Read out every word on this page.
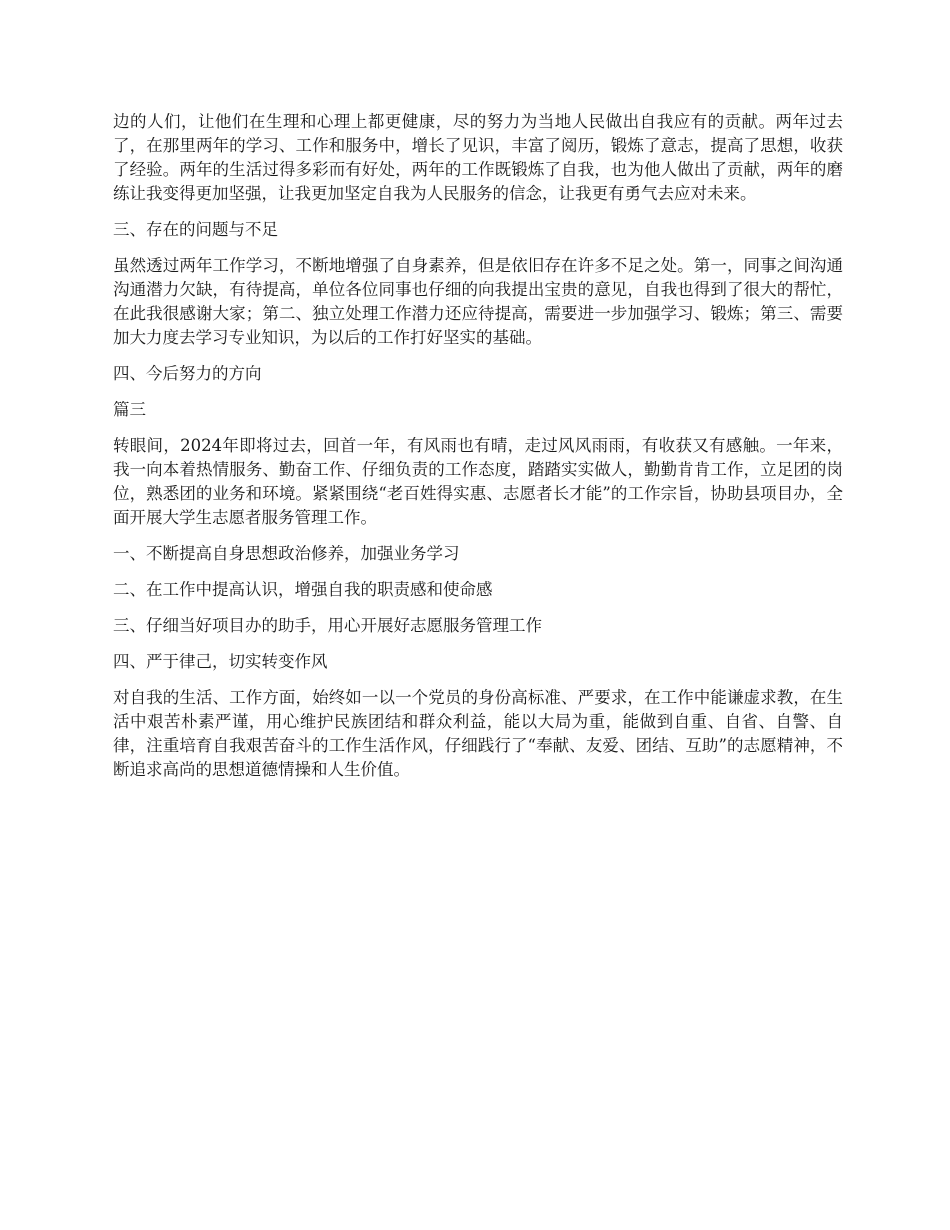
边的人们，让他们在生理和心理上都更健康，尽的努力为当地人民做出自我应有的贡献。两年过去了，在那里两年的学习、工作和服务中，增长了见识，丰富了阅历，锻炼了意志，提高了思想，收获了经验。两年的生活过得多彩而有好处，两年的工作既锻炼了自我，也为他人做出了贡献，两年的磨练让我变得更加坚强，让我更加坚定自我为人民服务的信念，让我更有勇气去应对未来。

三、存在的问题与不足

虽然透过两年工作学习，不断地增强了自身素养，但是依旧存在许多不足之处。第一，同事之间沟通沟通潜力欠缺，有待提高，单位各位同事也仔细的向我提出宝贵的意见，自我也得到了很大的帮忙，在此我很感谢大家；第二、独立处理工作潜力还应待提高，需要进一步加强学习、锻炼；第三、需要加大力度去学习专业知识，为以后的工作打好坚实的基础。

四、今后努力的方向

篇三

转眼间，2024年即将过去，回首一年，有风雨也有晴，走过风风雨雨，有收获又有感触。一年来，我一向本着热情服务、勤奋工作、仔细负责的工作态度，踏踏实实做人，勤勤肯肯工作，立足团的岗位，熟悉团的业务和环境。紧紧围绕“老百姓得实惠、志愿者长才能”的工作宗旨，协助县项目办，全面开展大学生志愿者服务管理工作。

一、不断提高自身思想政治修养，加强业务学习

二、在工作中提高认识，增强自我的职责感和使命感

三、仔细当好项目办的助手，用心开展好志愿服务管理工作

四、严于律己，切实转变作风

对自我的生活、工作方面，始终如一以一个党员的身份高标准、严要求，在工作中能谦虚求教，在生活中艰苦朴素严谨，用心维护民族团结和群众利益，能以大局为重，能做到自重、自省、自警、自律，注重培育自我艰苦奋斗的工作生活作风，仔细践行了“奉献、友爱、团结、互助”的志愿精神，不断追求高尚的思想道德情操和人生价值。
